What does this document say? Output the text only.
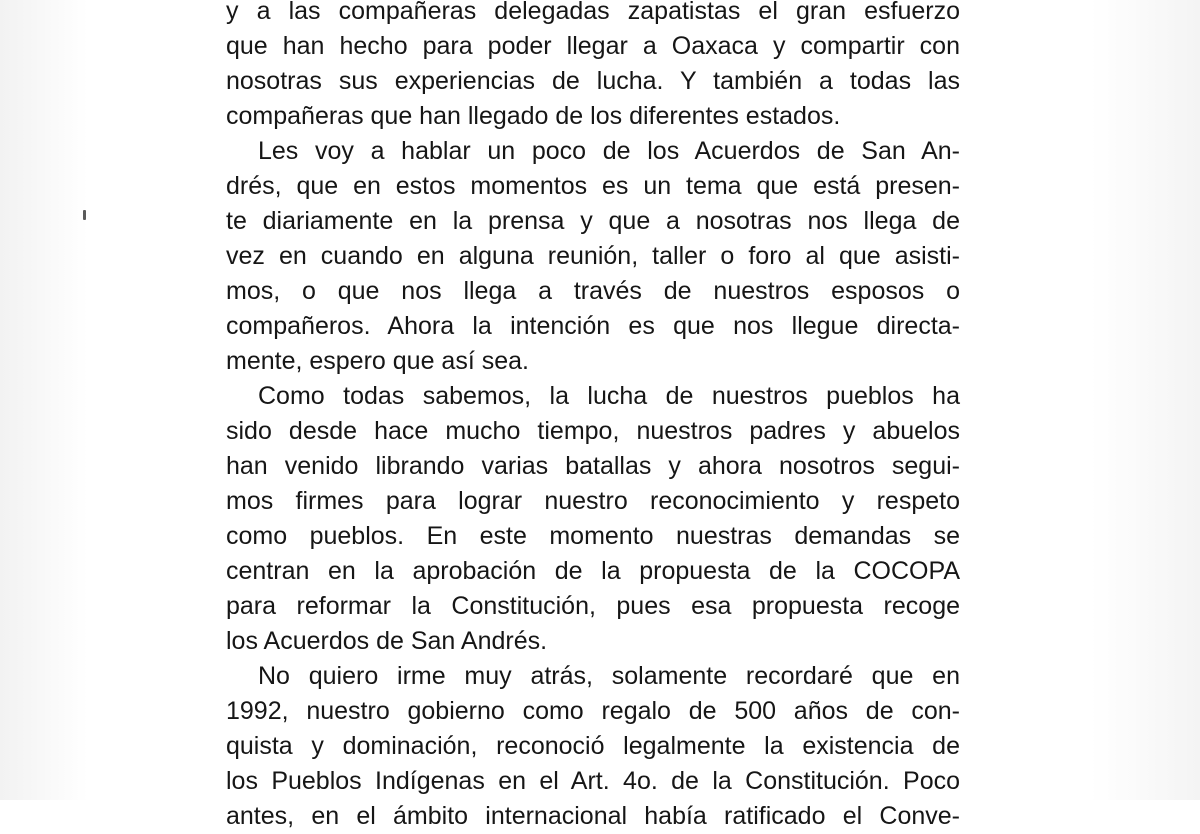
y a las compañeras delegadas zapatistas el gran esfuerzo
que han hecho para poder llegar a Oaxaca y compartir con
nosotras sus experiencias de lucha. Y también a todas las
compañeras que han llegado de los diferentes estados.
Les voy a hablar un poco de los Acuerdos de San An-
drés, que en estos momentos es un tema que está presen-
te diariamente en la prensa y que a nosotras nos llega de
vez en cuando en alguna reunión, taller o foro al que asisti-
mos, o que nos llega a través de nuestros esposos o
compañeros. Ahora la intención es que nos llegue directa-
mente, espero que así sea.
Como todas sabemos, la lucha de nuestros pueblos ha
sido desde hace mucho tiempo, nuestros padres y abuelos
han venido librando varias batallas y ahora nosotros segui-
mos firmes para lograr nuestro reconocimiento y respeto
como pueblos. En este momento nuestras demandas se
centran en la aprobación de la propuesta de la COCOPA
para reformar la Constitución, pues esa propuesta recoge
los Acuerdos de San Andrés.
No quiero irme muy atrás, solamente recordaré que en
1992, nuestro gobierno como regalo de 500 años de con-
quista y dominación, reconoció legalmente la existencia de
los Pueblos Indígenas en el Art. 4o. de la Constitución. Poco
antes, en el ámbito internacional había ratificado el Conve-
